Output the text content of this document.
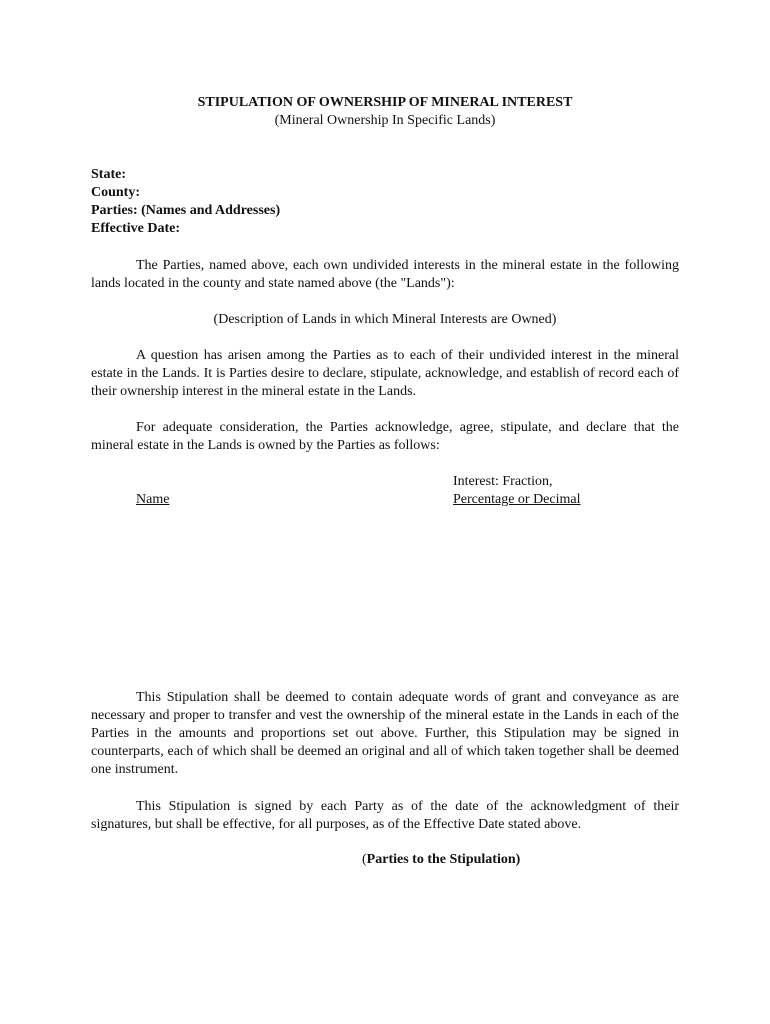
STIPULATION OF OWNERSHIP OF MINERAL INTEREST
(Mineral Ownership In Specific Lands)
State:
County:
Parties: (Names and Addresses)
Effective Date:

The Parties, named above, each own undivided interests in the mineral estate in the following lands located in the county and state named above (the "Lands"):

(Description of Lands in which Mineral Interests are Owned)

A question has arisen among the Parties as to each of their undivided interest in the mineral estate in the Lands. It is Parties desire to declare, stipulate, acknowledge, and establish of record each of their ownership interest in the mineral estate in the Lands.

For adequate consideration, the Parties acknowledge, agree, stipulate, and declare that the mineral estate in the Lands is owned by the Parties as follows:

Name
Interest: Fraction,
Percentage or Decimal

This Stipulation shall be deemed to contain adequate words of grant and conveyance as are necessary and proper to transfer and vest the ownership of the mineral estate in the Lands in each of the Parties in the amounts and proportions set out above. Further, this Stipulation may be signed in counterparts, each of which shall be deemed an original and all of which taken together shall be deemed one instrument.

This Stipulation is signed by each Party as of the date of the acknowledgment of their signatures, but shall be effective, for all purposes, as of the Effective Date stated above.

(Parties to the Stipulation)
